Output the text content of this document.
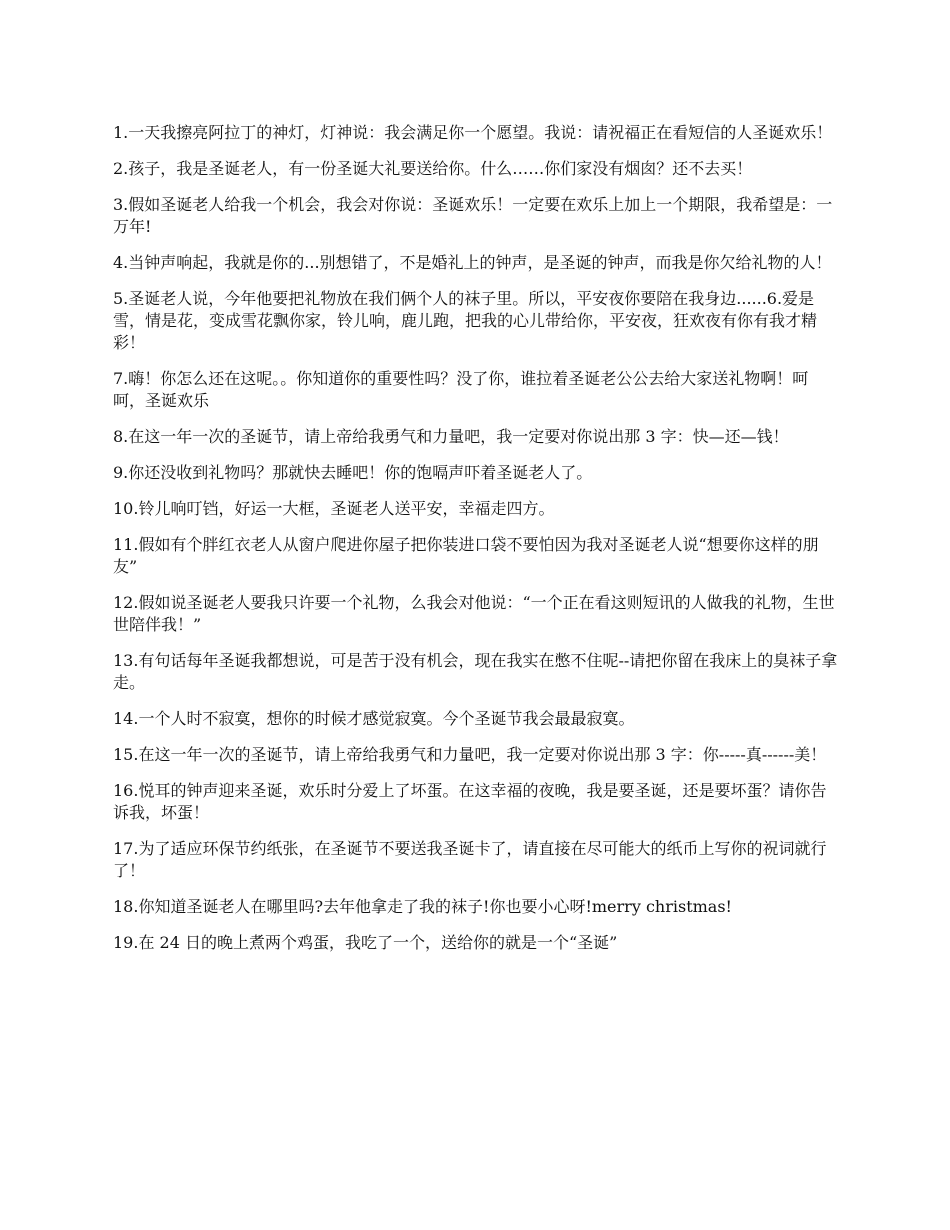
1.一天我擦亮阿拉丁的神灯，灯神说：我会满足你一个愿望。我说：请祝福正在看短信的人圣诞欢乐！

2.孩子，我是圣诞老人，有一份圣诞大礼要送给你。什么……你们家没有烟囱？还不去买！

3.假如圣诞老人给我一个机会，我会对你说：圣诞欢乐！一定要在欢乐上加上一个期限，我希望是：一万年!

4.当钟声响起，我就是你的...别想错了，不是婚礼上的钟声，是圣诞的钟声，而我是你欠给礼物的人！

5.圣诞老人说，今年他要把礼物放在我们俩个人的袜子里。所以，平安夜你要陪在我身边......6.爱是雪，情是花，变成雪花飘你家，铃儿响，鹿儿跑，把我的心儿带给你，平安夜，狂欢夜有你有我才精彩！

7.嗨！你怎么还在这呢。。你知道你的重要性吗？没了你，谁拉着圣诞老公公去给大家送礼物啊！呵呵，圣诞欢乐

8.在这一年一次的圣诞节，请上帝给我勇气和力量吧，我一定要对你说出那 3 字：快—还—钱！

9.你还没收到礼物吗？那就快去睡吧！你的饱嗝声吓着圣诞老人了。

10.铃儿响叮铛，好运一大框，圣诞老人送平安，幸福走四方。

11.假如有个胖红衣老人从窗户爬进你屋子把你装进口袋不要怕因为我对圣诞老人说“想要你这样的朋友”

12.假如说圣诞老人要我只许要一个礼物，么我会对他说：“一个正在看这则短讯的人做我的礼物，生世世陪伴我！”

13.有句话每年圣诞我都想说，可是苦于没有机会，现在我实在憋不住呢--请把你留在我床上的臭袜子拿走。

14.一个人时不寂寞，想你的时候才感觉寂寞。今个圣诞节我会最最寂寞。

15.在这一年一次的圣诞节，请上帝给我勇气和力量吧，我一定要对你说出那 3 字：你-----真------美！

16.悦耳的钟声迎来圣诞，欢乐时分爱上了坏蛋。在这幸福的夜晚，我是要圣诞，还是要坏蛋？请你告诉我，坏蛋！

17.为了适应环保节约纸张，在圣诞节不要送我圣诞卡了，请直接在尽可能大的纸币上写你的祝词就行了！

18.你知道圣诞老人在哪里吗?去年他拿走了我的袜子!你也要小心呀!merry christmas!

19.在 24 日的晚上煮两个鸡蛋，我吃了一个，送给你的就是一个“圣诞”
